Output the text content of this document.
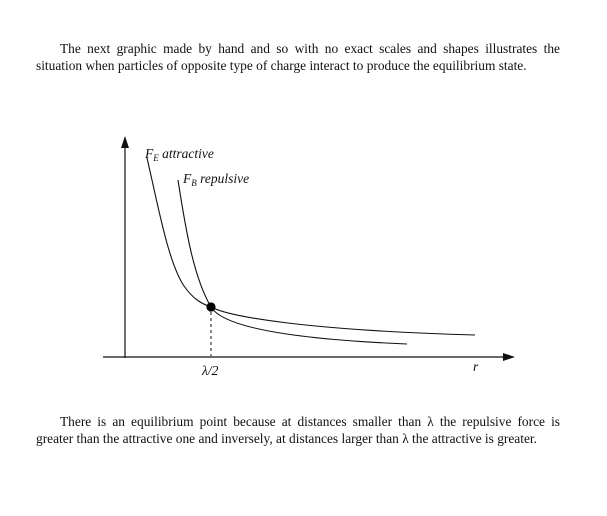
The next graphic made by hand and so with no exact scales and shapes illustrates the situation when particles of opposite type of charge interact to produce the equilibrium state.

$F_E$ attractive
$F_B$ repulsive
λ/2	r

There is an equilibrium point because at distances smaller than λ the repulsive force is greater than the attractive one and inversely, at distances larger than λ the attractive is greater.
